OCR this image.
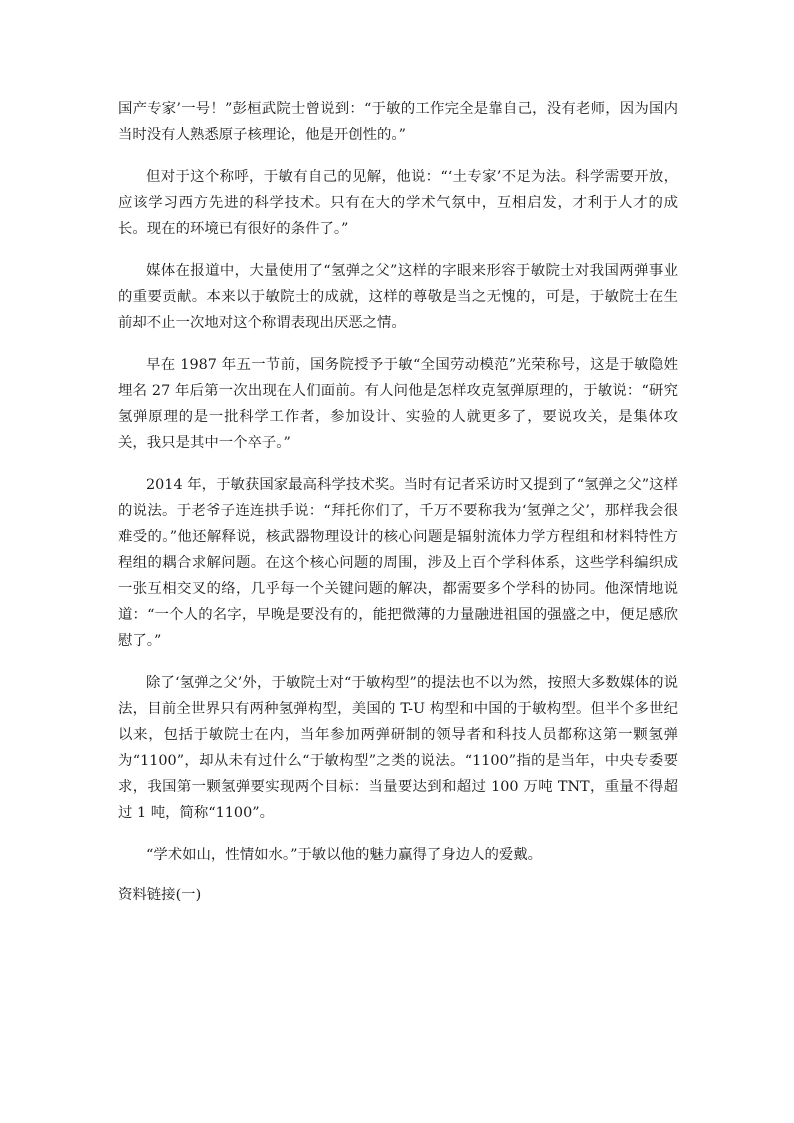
国产专家’一号！”彭桓武院士曾说到：“于敏的工作完全是靠自己，没有老师，因为国内当时没有人熟悉原子核理论，他是开创性的。”

但对于这个称呼，于敏有自己的见解，他说：“‘土专家’不足为法。科学需要开放，应该学习西方先进的科学技术。只有在大的学术气氛中，互相启发，才利于人才的成长。现在的环境已有很好的条件了。”

媒体在报道中，大量使用了“氢弹之父”这样的字眼来形容于敏院士对我国两弹事业的重要贡献。本来以于敏院士的成就，这样的尊敬是当之无愧的，可是，于敏院士在生前却不止一次地对这个称谓表现出厌恶之情。

早在 1987 年五一节前，国务院授予于敏“全国劳动模范”光荣称号，这是于敏隐姓埋名 27 年后第一次出现在人们面前。有人问他是怎样攻克氢弹原理的，于敏说：“研究氢弹原理的是一批科学工作者，参加设计、实验的人就更多了，要说攻关，是集体攻关，我只是其中一个卒子。”

2014 年，于敏获国家最高科学技术奖。当时有记者采访时又提到了“氢弹之父”这样的说法。于老爷子连连拱手说：“拜托你们了，千万不要称我为‘氢弹之父’，那样我会很难受的。”他还解释说，核武器物理设计的核心问题是辐射流体力学方程组和材料特性方程组的耦合求解问题。在这个核心问题的周围，涉及上百个学科体系，这些学科编织成一张互相交叉的络，几乎每一个关键问题的解决，都需要多个学科的协同。他深情地说道：“一个人的名字，早晚是要没有的，能把微薄的力量融进祖国的强盛之中，便足感欣慰了。”

除了‘氢弹之父’外，于敏院士对“于敏构型”的提法也不以为然，按照大多数媒体的说法，目前全世界只有两种氢弹构型，美国的 T-U 构型和中国的于敏构型。但半个多世纪以来，包括于敏院士在内，当年参加两弹研制的领导者和科技人员都称这第一颗氢弹为“1100”，却从未有过什么“于敏构型”之类的说法。“1100”指的是当年，中央专委要求，我国第一颗氢弹要实现两个目标：当量要达到和超过 100 万吨 TNT，重量不得超过 1 吨，简称“1100”。

“学术如山，性情如水。”于敏以他的魅力赢得了身边人的爱戴。

资料链接(一)
